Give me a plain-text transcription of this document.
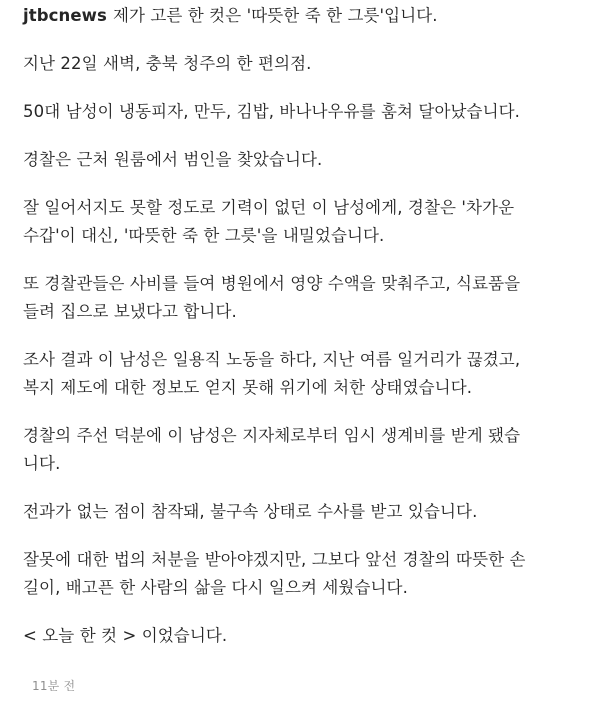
jtbcnews 제가 고른 한 컷은 '따뜻한 죽 한 그릇'입니다.

지난 22일 새벽, 충북 청주의 한 편의점.

50대 남성이 냉동피자, 만두, 김밥, 바나나우유를 훔쳐 달아났습니다.

경찰은 근처 원룸에서 범인을 찾았습니다.

잘 일어서지도 못할 정도로 기력이 없던 이 남성에게, 경찰은 '차가운
수갑'이 대신, '따뜻한 죽 한 그릇'을 내밀었습니다.

또 경찰관들은 사비를 들여 병원에서 영양 수액을 맞춰주고, 식료품을
들려 집으로 보냈다고 합니다.

조사 결과 이 남성은 일용직 노동을 하다, 지난 여름 일거리가 끊겼고,
복지 제도에 대한 정보도 얻지 못해 위기에 처한 상태였습니다.

경찰의 주선 덕분에 이 남성은 지자체로부터 임시 생계비를 받게 됐습
니다.

전과가 없는 점이 참작돼, 불구속 상태로 수사를 받고 있습니다.

잘못에 대한 법의 처분을 받아야겠지만, 그보다 앞선 경찰의 따뜻한 손
길이, 배고픈 한 사람의 삶을 다시 일으켜 세웠습니다.

< 오늘 한 컷 > 이었습니다.

11분 전
